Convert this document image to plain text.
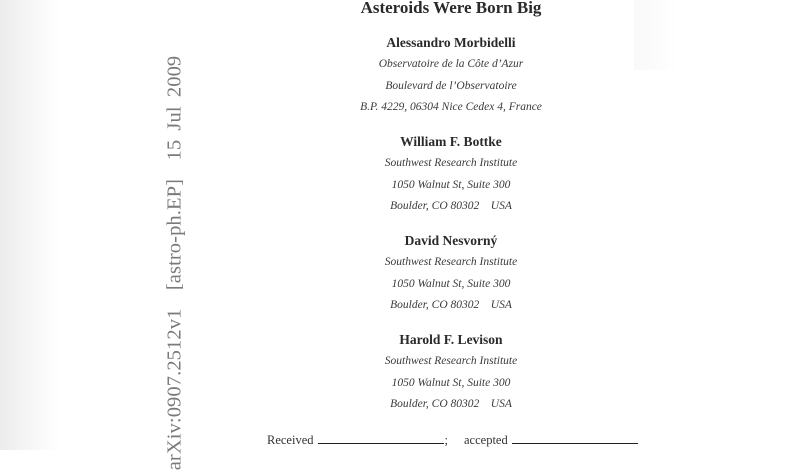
arXiv:0907.2512v1  [astro-ph.EP]  15 Jul 2009
Asteroids Were Born Big
Alessandro Morbidelli
Observatoire de la Côte d’Azur
Boulevard de l’Observatoire
B.P. 4229, 06304 Nice Cedex 4, France
William F. Bottke
Southwest Research Institute
1050 Walnut St, Suite 300
Boulder, CO 80302    USA
David Nesvorný
Southwest Research Institute
1050 Walnut St, Suite 300
Boulder, CO 80302    USA
Harold F. Levison
Southwest Research Institute
1050 Walnut St, Suite 300
Boulder, CO 80302    USA
Received	; accepted
